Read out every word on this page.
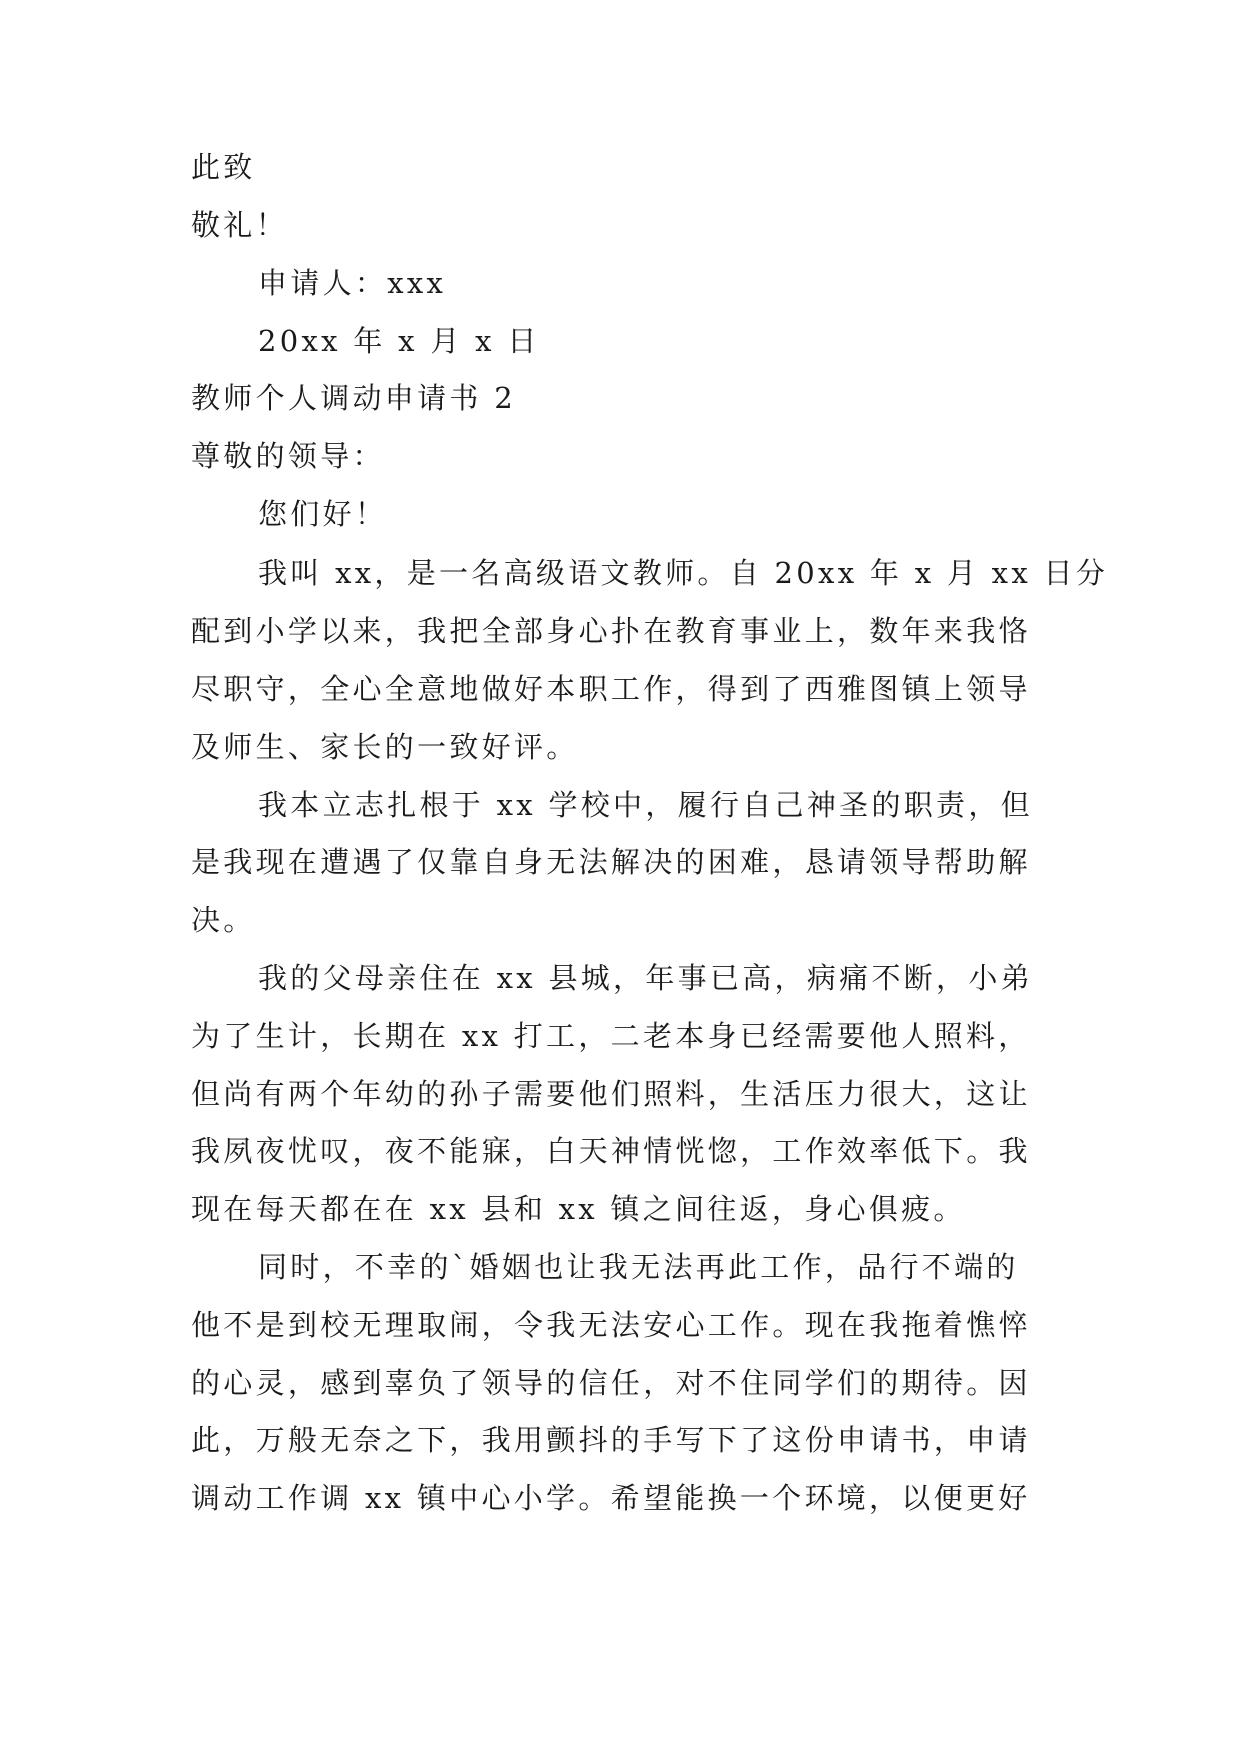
此致
敬礼！
申请人：xxx
20xx 年 x 月 x 日
教师个人调动申请书 2
尊敬的领导：
您们好！
我叫 xx，是一名高级语文教师。自 20xx 年 x 月 xx 日分
配到小学以来，我把全部身心扑在教育事业上，数年来我恪
尽职守，全心全意地做好本职工作，得到了西雅图镇上领导
及师生、家长的一致好评。
我本立志扎根于 xx 学校中，履行自己神圣的职责，但
是我现在遭遇了仅靠自身无法解决的困难，恳请领导帮助解
决。
我的父母亲住在 xx 县城，年事已高，病痛不断，小弟
为了生计，长期在 xx 打工，二老本身已经需要他人照料，
但尚有两个年幼的孙子需要他们照料，生活压力很大，这让
我夙夜忧叹，夜不能寐，白天神情恍惚，工作效率低下。我
现在每天都在在 xx 县和 xx 镇之间往返，身心俱疲。
同时，不幸的`婚姻也让我无法再此工作，品行不端的
他不是到校无理取闹，令我无法安心工作。现在我拖着憔悴
的心灵，感到辜负了领导的信任，对不住同学们的期待。因
此，万般无奈之下，我用颤抖的手写下了这份申请书，申请
调动工作调 xx 镇中心小学。希望能换一个环境，以便更好
